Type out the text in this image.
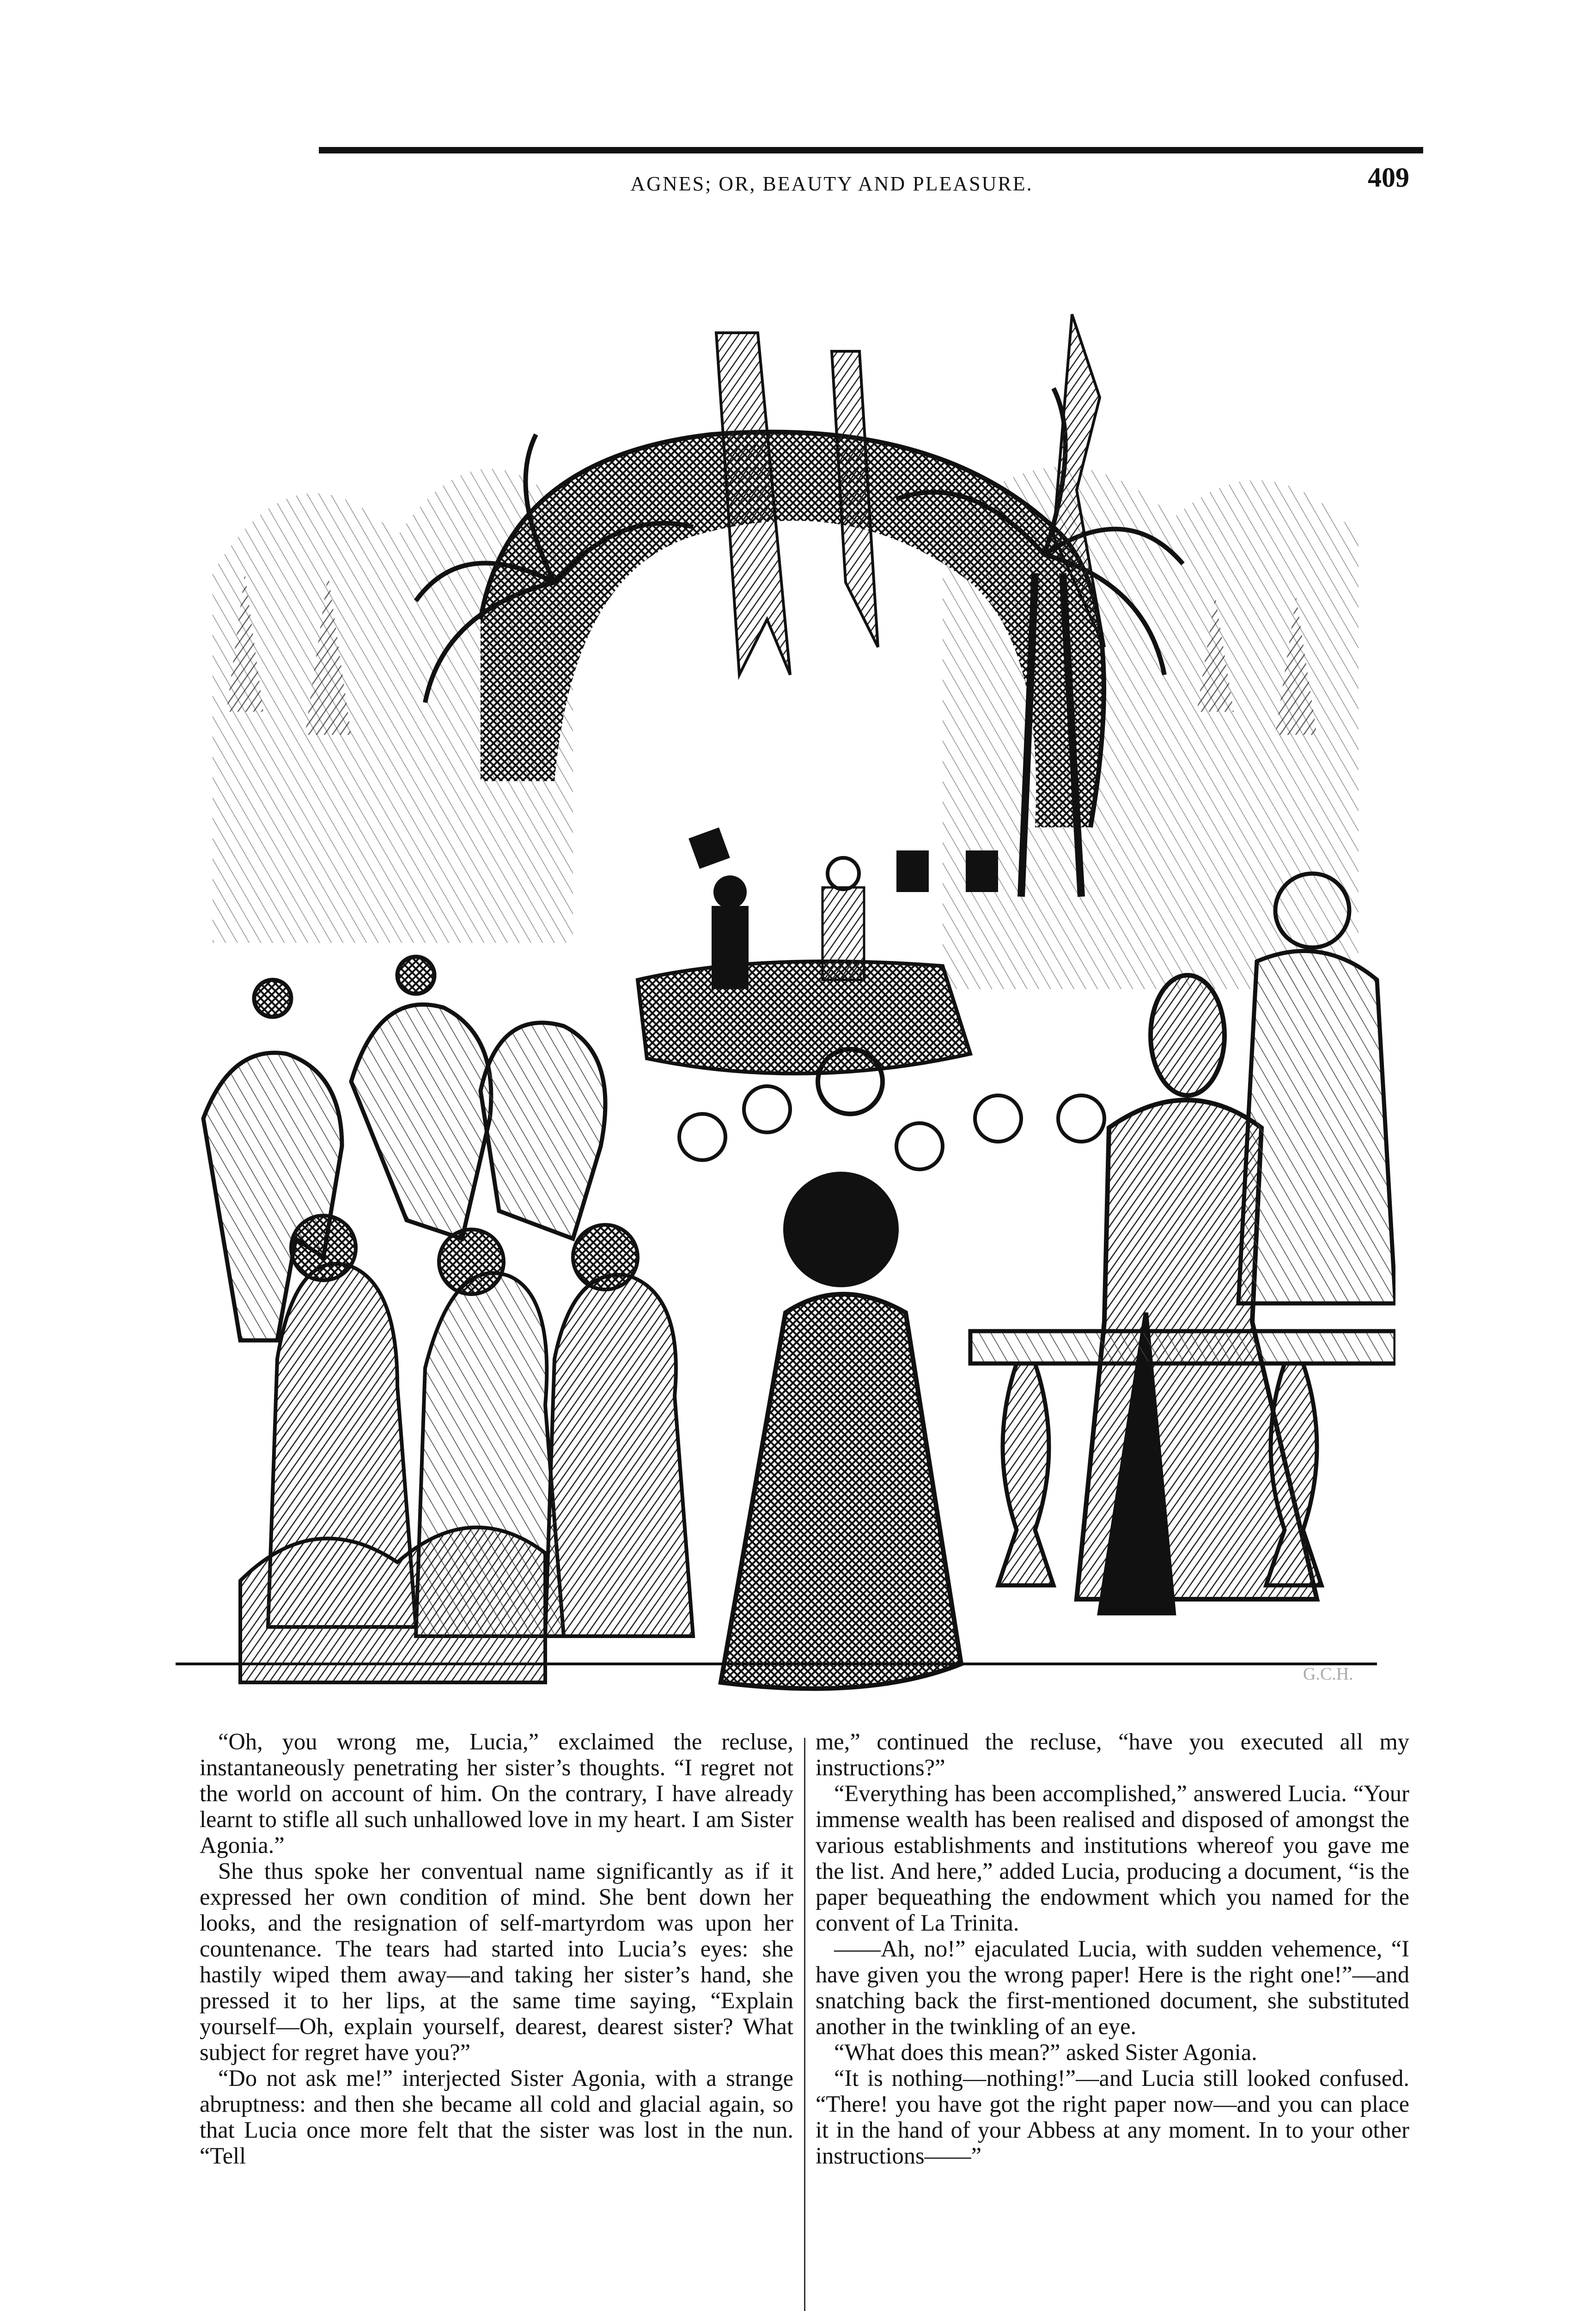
AGNES; OR, BEAUTY AND PLEASURE.	409
G.C.H.

“Oh, you wrong me, Lucia,” exclaimed the recluse, instantaneously penetrating her sister’s thoughts. “I regret not the world on account of him. On the contrary, I have already learnt to stifle all such unhallowed love in my heart. I am Sister Agonia.”

She thus spoke her conventual name significantly as if it expressed her own condition of mind. She bent down her looks, and the resignation of self-martyrdom was upon her countenance. The tears had started into Lucia’s eyes: she hastily wiped them away—and taking her sister’s hand, she pressed it to her lips, at the same time saying, “Explain yourself—Oh, explain yourself, dearest, dearest sister? What subject for regret have you?”

“Do not ask me!” interjected Sister Agonia, with a strange abruptness: and then she became all cold and glacial again, so that Lucia once more felt that the sister was lost in the nun. “Tell

me,” continued the recluse, “have you executed all my instructions?”

“Everything has been accomplished,” answered Lucia. “Your immense wealth has been realised and disposed of amongst the various establishments and institutions whereof you gave me the list. And here,” added Lucia, producing a document, “is the paper bequeathing the endowment which you named for the convent of La Trinita.

——Ah, no!” ejaculated Lucia, with sudden vehemence, “I have given you the wrong paper! Here is the right one!”—and snatching back the first-mentioned document, she substituted another in the twinkling of an eye.

“What does this mean?” asked Sister Agonia.

“It is nothing—nothing!”—and Lucia still looked confused. “There! you have got the right paper now—and you can place it in the hand of your Abbess at any moment. In to your other instructions——”
